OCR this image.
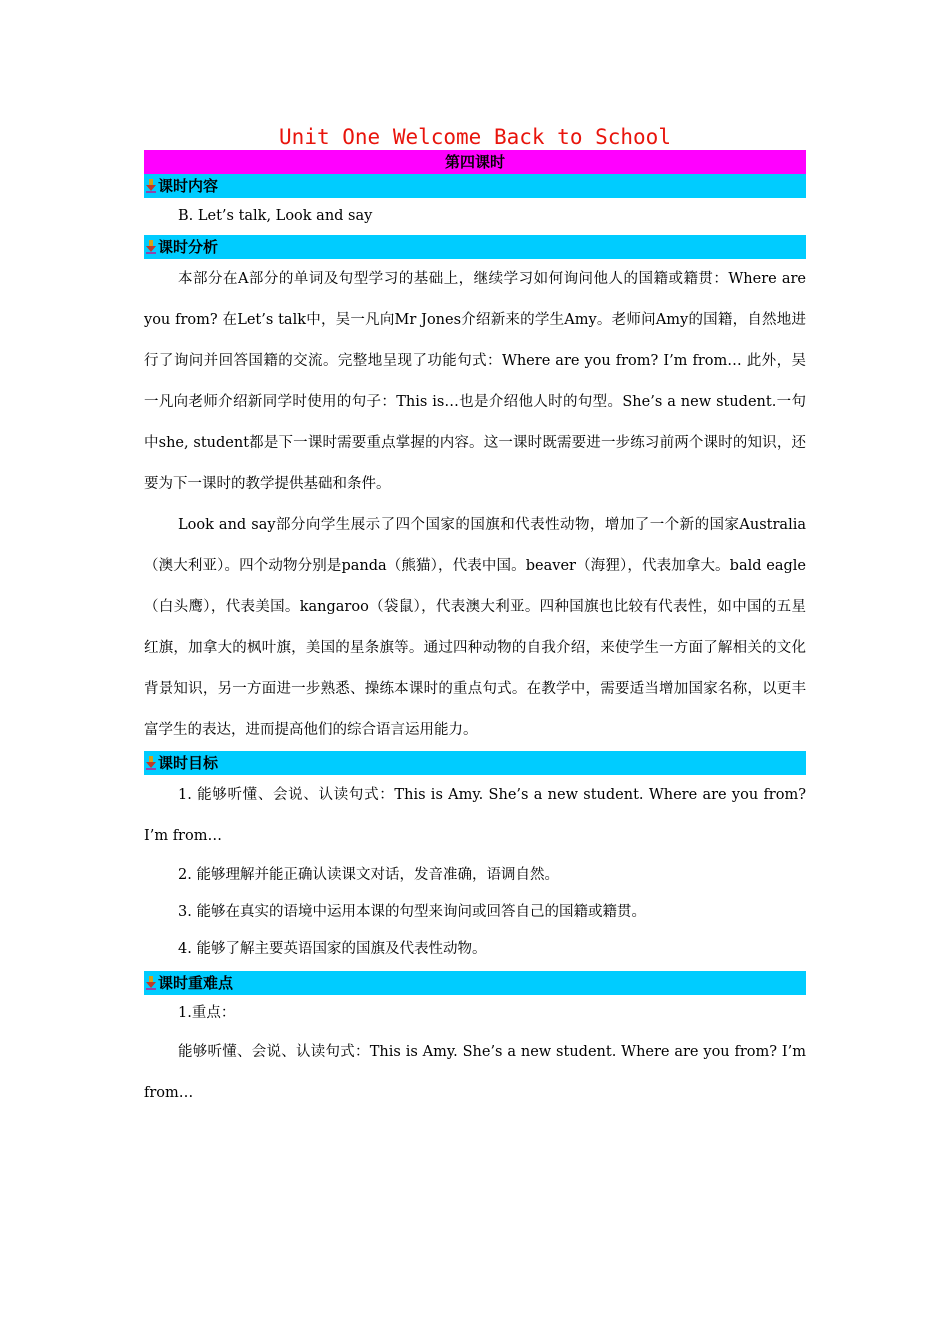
Unit One Welcome Back to School
第四课时
课时内容

B. Let’s talk, Look and say

课时分析

本部分在A部分的单词及句型学习的基础上，继续学习如何询问他人的国籍或籍贯：Where are you from? 在Let’s talk中，吴一凡向Mr Jones介绍新来的学生Amy。老师问Amy的国籍，自然地进行了询问并回答国籍的交流。完整地呈现了功能句式：Where are you from? I’m from… 此外，吴一凡向老师介绍新同学时使用的句子：This is…也是介绍他人时的句型。She’s a new student.一句中she, student都是下一课时需要重点掌握的内容。这一课时既需要进一步练习前两个课时的知识，还要为下一课时的教学提供基础和条件。

Look and say部分向学生展示了四个国家的国旗和代表性动物，增加了一个新的国家Australia（澳大利亚）。四个动物分别是panda（熊猫），代表中国。beaver（海狸），代表加拿大。bald eagle（白头鹰），代表美国。kangaroo（袋鼠），代表澳大利亚。四种国旗也比较有代表性，如中国的五星红旗，加拿大的枫叶旗，美国的星条旗等。通过四种动物的自我介绍，来使学生一方面了解相关的文化背景知识，另一方面进一步熟悉、操练本课时的重点句式。在教学中，需要适当增加国家名称，以更丰富学生的表达，进而提高他们的综合语言运用能力。

课时目标

1. 能够听懂、会说、认读句式：This is Amy. She’s a new student. Where are you from? I’m from…

2. 能够理解并能正确认读课文对话，发音准确，语调自然。

3. 能够在真实的语境中运用本课的句型来询问或回答自己的国籍或籍贯。

4. 能够了解主要英语国家的国旗及代表性动物。

课时重难点

1.重点：

能够听懂、会说、认读句式：This is Amy. She’s a new student. Where are you from? I’m from…
